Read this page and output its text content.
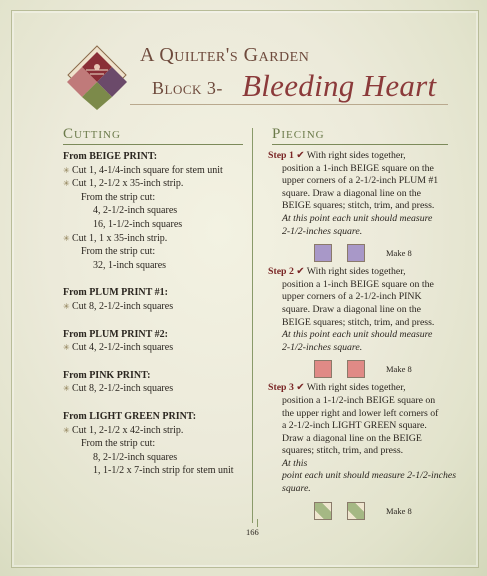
A Quilter's Garden
Block 3- Bleeding Heart
Cutting	Piecing
From BEIGE PRINT:
✳ Cut 1, 4-1/4-inch square for stem unit
✳ Cut 1, 2-1/2 x 35-inch strip.
From the strip cut:
4, 2-1/2-inch squares
16, 1-1/2-inch squares
✳ Cut 1, 1 x 35-inch strip.
From the strip cut:
32, 1-inch squares
From PLUM PRINT #1:
✳ Cut 8, 2-1/2-inch squares
From PLUM PRINT #2:
✳ Cut 4, 2-1/2-inch squares
From PINK PRINT:
✳ Cut 8, 2-1/2-inch squares
From LIGHT GREEN PRINT:
✳ Cut 1, 2-1/2 x 42-inch strip.
From the strip cut:
8, 2-1/2-inch squares
1, 1-1/2 x 7-inch strip for stem unit
Step 1 ✔ With right sides together,
position a 1-inch BEIGE square on the
upper corners of a 2-1/2-inch PLUM #1
square. Draw a diagonal line on the
BEIGE squares; stitch, trim, and press.
At this point each unit should measure
2-1/2-inches square.
Make 8
Step 2 ✔ With right sides together,
position a 1-inch BEIGE square on the
upper corners of a 2-1/2-inch PINK
square. Draw a diagonal line on the
BEIGE squares; stitch, trim, and press.
At this point each unit should measure
2-1/2-inches square.
Make 8
Step 3 ✔ With right sides together,
position a 1-1/2-inch BEIGE square on
the upper right and lower left corners of
a 2-1/2-inch LIGHT GREEN square.
Draw a diagonal line on the BEIGE
squares; stitch, trim, and press.
At this
point each unit should measure 2-1/2-inches
square.
Make 8
166
